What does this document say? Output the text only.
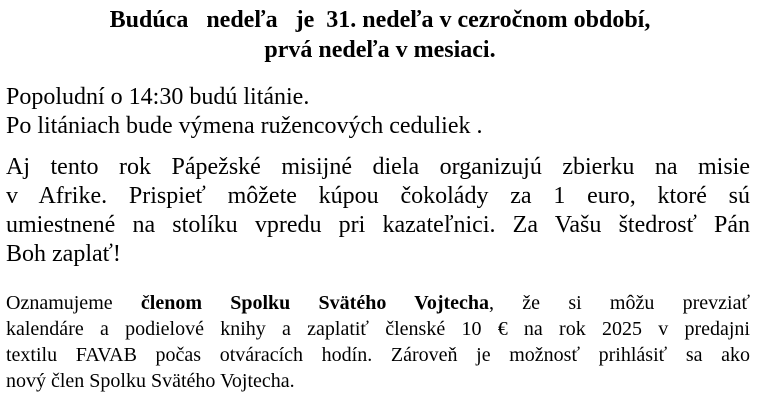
Budúca   nedeľa   je  31. nedeľa v cezročnom období,
prvá nedeľa v mesiaci.
Popoludní o 14:30 budú litánie.
Po litániach bude výmena ružencových ceduliek .
Aj tento rok Pápežské misijné diela organizujú zbierku na misie
v Afrike. Prispieť môžete kúpou čokolády za 1 euro, ktoré sú
umiestnené na stolíku vpredu pri kazateľnici. Za Vašu štedrosť Pán
Boh zaplať!
Oznamujeme členom Spolku Svätého Vojtecha, že si môžu prevziať
kalendáre a podielové knihy a zaplatiť členské 10 € na rok 2025 v predajni
textilu FAVAB počas otváracích hodín. Zároveň je možnosť prihlásiť sa ako
nový člen Spolku Svätého Vojtecha.
